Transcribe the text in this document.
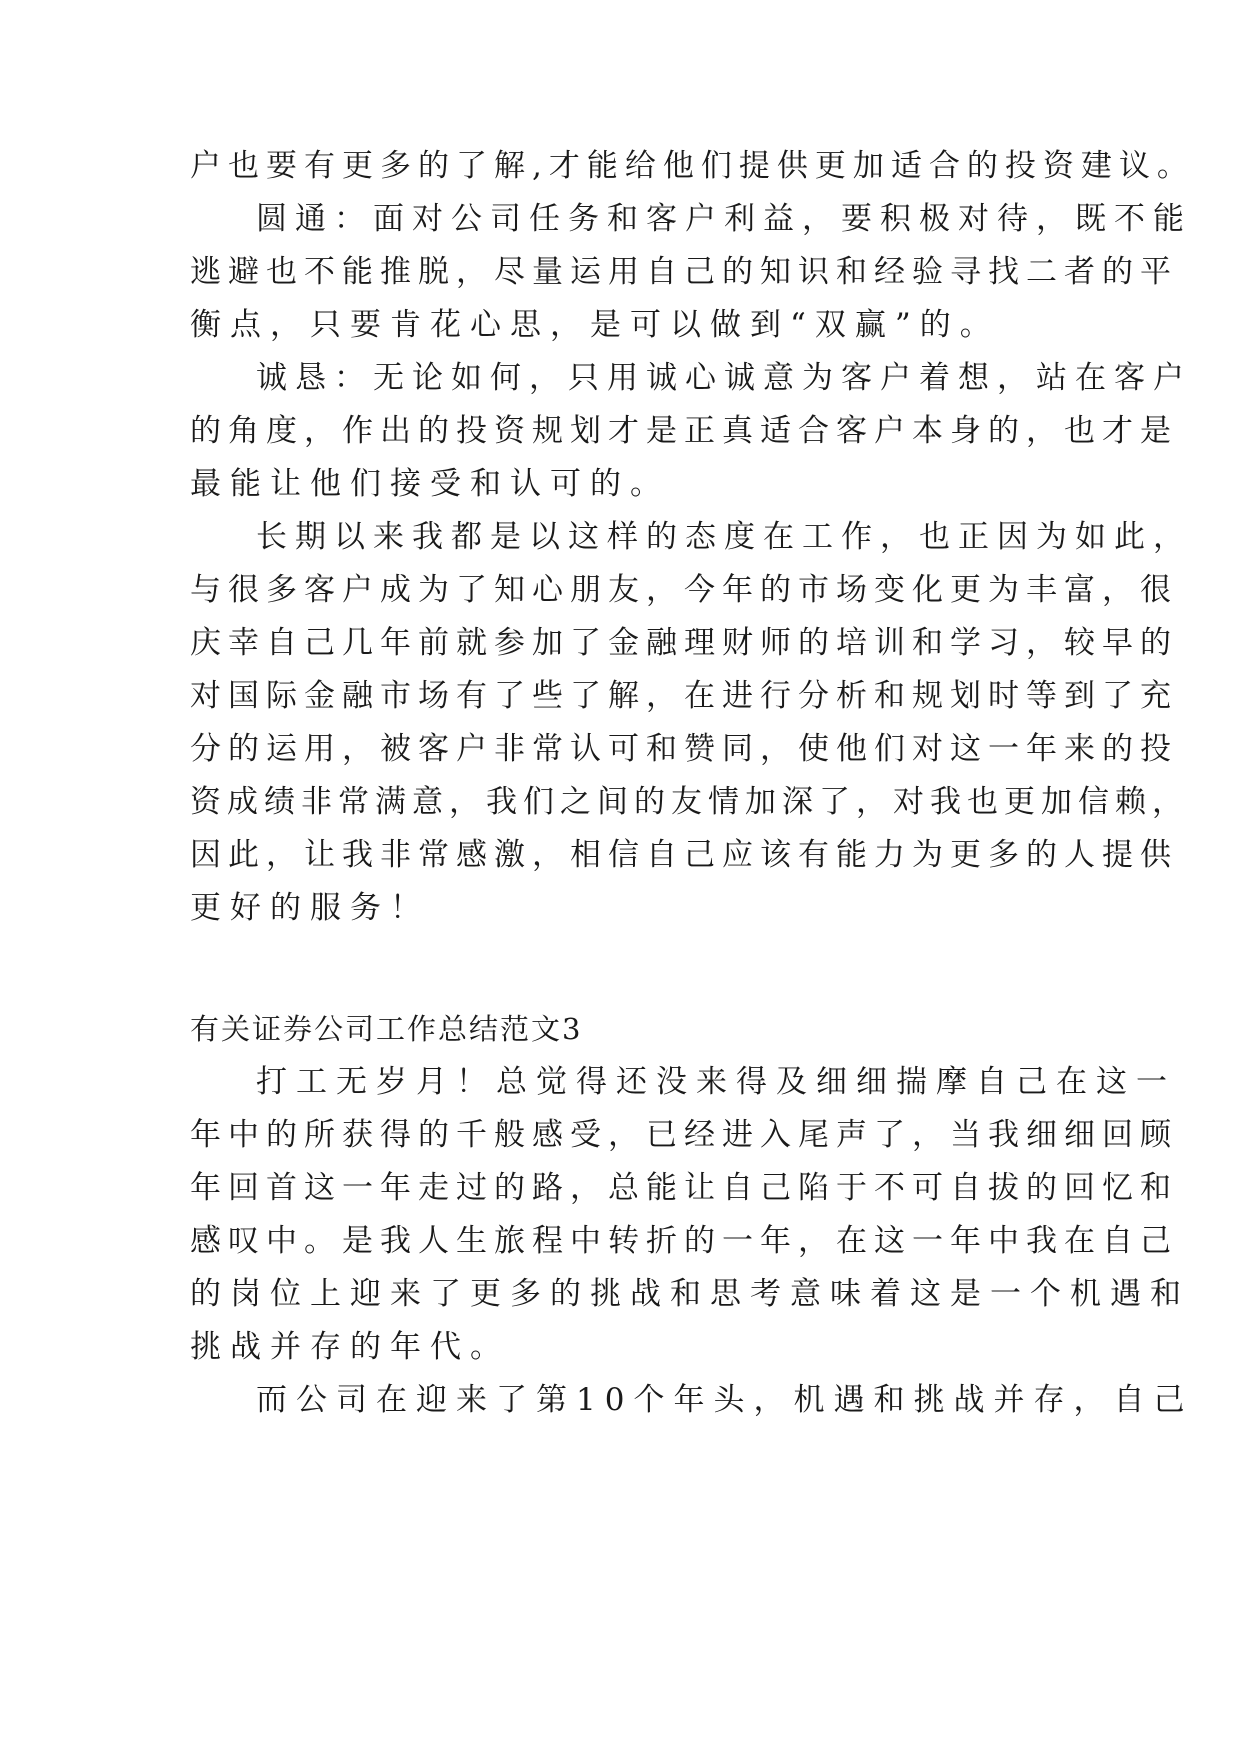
户也要有更多的了解,才能给他们提供更加适合的投资建议。
圆通：面对公司任务和客户利益，要积极对待，既不能
逃避也不能推脱，尽量运用自己的知识和经验寻找二者的平
衡点，只要肯花心思，是可以做到“双赢”的。
诚恳：无论如何，只用诚心诚意为客户着想，站在客户
的角度，作出的投资规划才是正真适合客户本身的，也才是
最能让他们接受和认可的。
长期以来我都是以这样的态度在工作，也正因为如此，
与很多客户成为了知心朋友，今年的市场变化更为丰富，很
庆幸自己几年前就参加了金融理财师的培训和学习，较早的
对国际金融市场有了些了解，在进行分析和规划时等到了充
分的运用，被客户非常认可和赞同，使他们对这一年来的投
资成绩非常满意，我们之间的友情加深了，对我也更加信赖，
因此，让我非常感激，相信自己应该有能力为更多的人提供
更好的服务！
有关证券公司工作总结范文3
打工无岁月！总觉得还没来得及细细揣摩自己在这一
年中的所获得的千般感受，已经进入尾声了，当我细细回顾
年回首这一年走过的路，总能让自己陷于不可自拔的回忆和
感叹中。是我人生旅程中转折的一年，在这一年中我在自己
的岗位上迎来了更多的挑战和思考意味着这是一个机遇和
挑战并存的年代。
而公司在迎来了第10个年头，机遇和挑战并存，自己
